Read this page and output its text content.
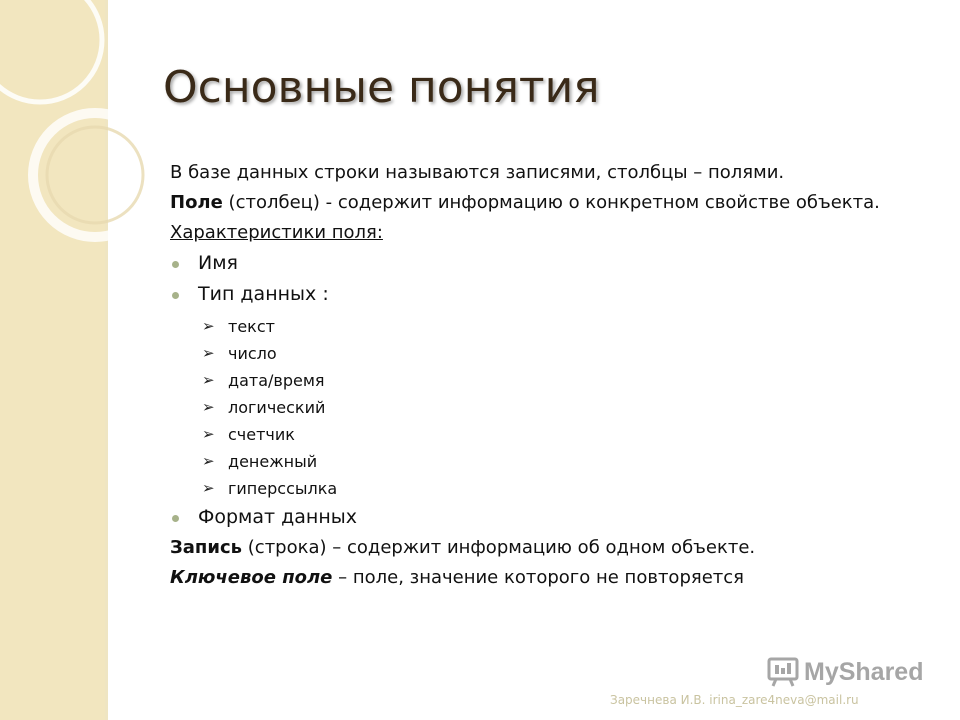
Основные понятия
В базе данных строки называются записями, столбцы – полями.
Поле (столбец) - содержит информацию о конкретном свойстве объекта.
Характеристики поля:
Имя
Тип данных :
➢ текст
➢ число
➢ дата/время
➢ логический
➢ счетчик
➢ денежный
➢ гиперссылка
Формат данных
Запись (строка) – содержит информацию об одном объекте.
Ключевое поле – поле, значение которого не повторяется
MyShared
Заречнева И.В. irina_zare4neva@mail.ru
